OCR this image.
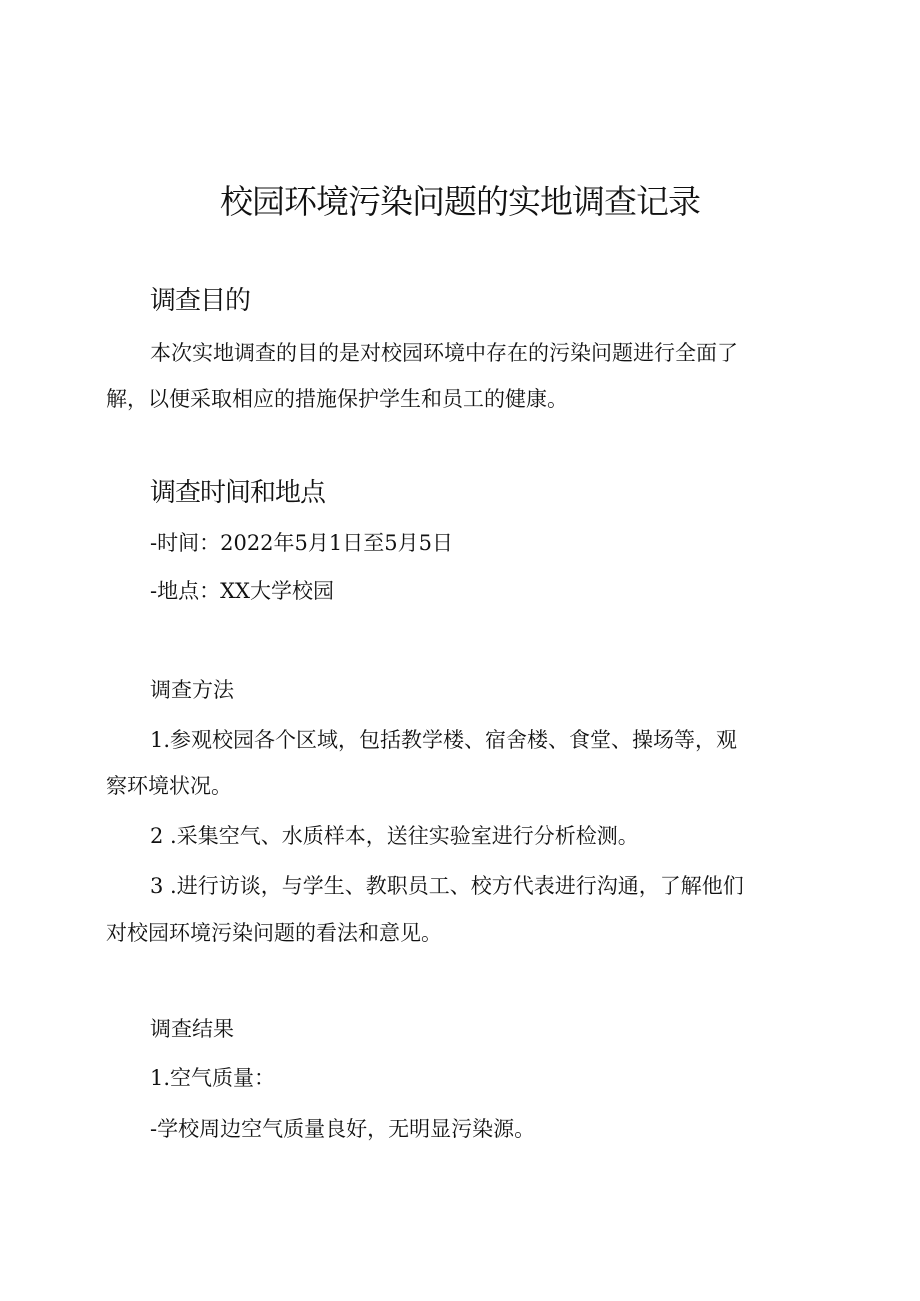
校园环境污染问题的实地调查记录
调查目的
本次实地调查的目的是对校园环境中存在的污染问题进行全面了
解，以便采取相应的措施保护学生和员工的健康。
调查时间和地点
-时间：2022年5月1日至5月5日
-地点：XX大学校园
调查方法
1.参观校园各个区域，包括教学楼、宿舍楼、食堂、操场等，观
察环境状况。
2 .采集空气、水质样本，送往实验室进行分析检测。
3 .进行访谈，与学生、教职员工、校方代表进行沟通，了解他们
对校园环境污染问题的看法和意见。
调查结果
1.空气质量：
-学校周边空气质量良好，无明显污染源。
